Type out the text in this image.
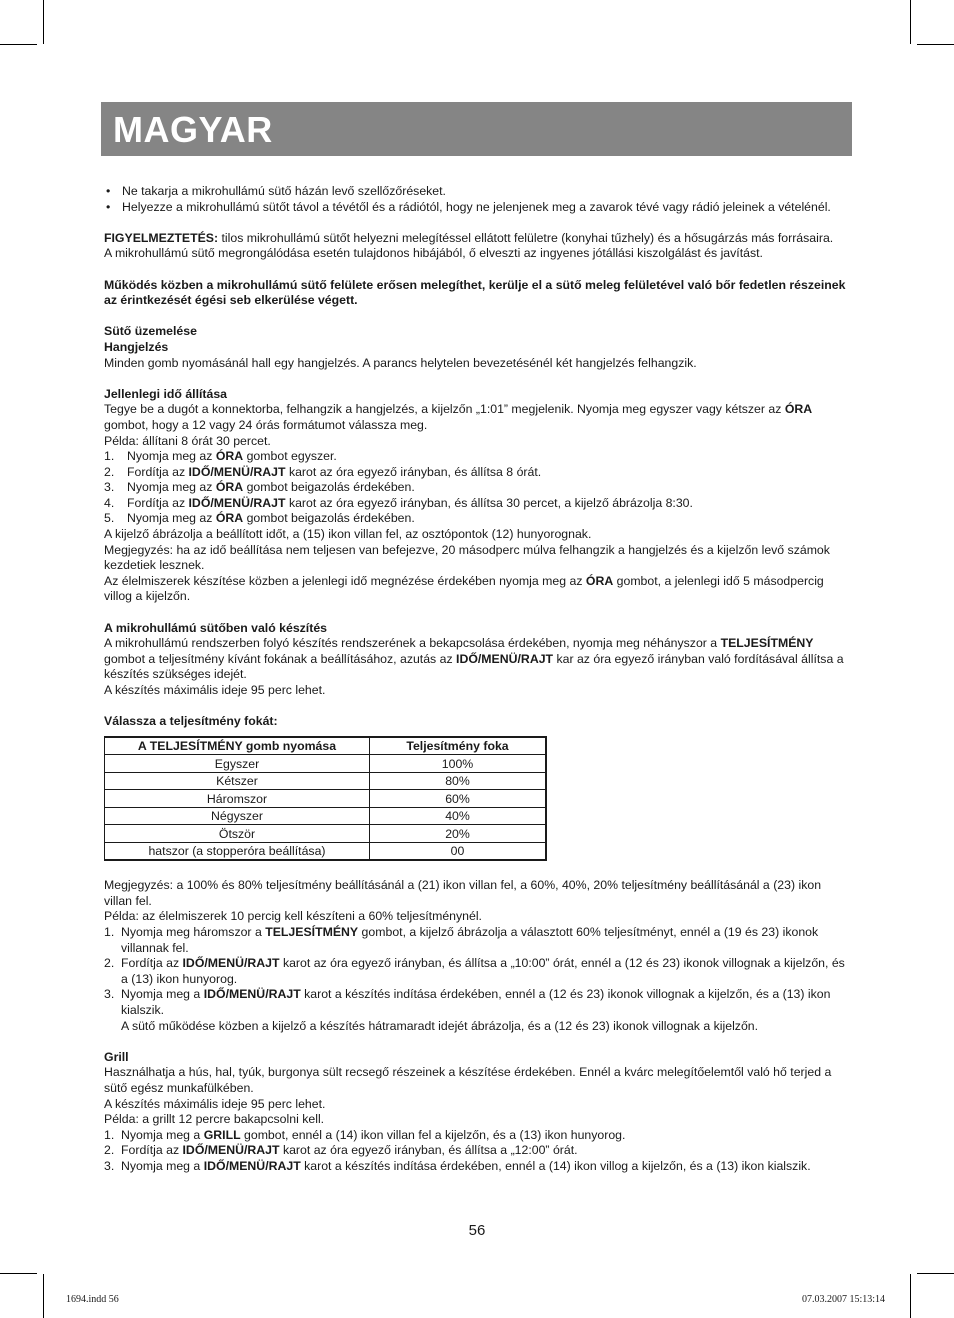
MAGYAR

• Ne takarja a mikrohullámú sütő házán levő szellőzőréseket.

• Helyezze a mikrohullámú sütőt távol a tévétől és a rádiótól, hogy ne jelenjenek meg a zavarok tévé vagy rádió jeleinek a vételénél.

FIGYELMEZTETÉS: tilos mikrohullámú sütőt helyezni melegítéssel ellátott felületre (konyhai tűzhely) és a hősugárzás más forrásaira.

A mikrohullámú sütő megrongálódása esetén tulajdonos hibájából, ő elveszti az ingyenes jótállási kiszolgálást és javítást.

Működés közben a mikrohullámú sütő felülete erősen melegíthet, kerülje el a sütő meleg felületével való bőr fedetlen részeinek az érintkezését égési seb elkerülése végett.

Sütő üzemelése

Hangjelzés

Minden gomb nyomásánál hall egy hangjelzés. A parancs helytelen bevezetésénél két hangjelzés felhangzik.

Jellenlegi idő állítása

Tegye be a dugót a konnektorba, felhangzik a hangjelzés, a kijelzőn „1:01” megjelenik. Nyomja meg egyszer vagy kétszer az ÓRA gombot, hogy a 12 vagy 24 órás formátumot válassza meg.

Példa: állítani 8 órát 30 percet.

1. Nyomja meg az ÓRA gombot egyszer.

2. Fordítja az IDŐ/MENÜ/RAJT karot az óra egyező irányban, és állítsa 8 órát.

3. Nyomja meg az ÓRA gombot beigazolás érdekében.

4. Fordítja az IDŐ/MENÜ/RAJT karot az óra egyező irányban, és állítsa 30 percet, a kijelző ábrázolja 8:30.

5. Nyomja meg az ÓRA gombot beigazolás érdekében.

A kijelző ábrázolja a beállított időt, a (15) ikon villan fel, az osztópontok (12) hunyorognak.

Megjegyzés: ha az idő beállítása nem teljesen van befejezve, 20 másodperc múlva felhangzik a hangjelzés és a kijelzőn levő számok kezdetiek lesznek.

Az élelmiszerek készítése közben a jelenlegi idő megnézése érdekében nyomja meg az ÓRA gombot, a jelenlegi idő 5 másodpercig villog a kijelzőn.

A mikrohullámú sütőben való készítés

A mikrohullámú rendszerben folyó készítés rendszerének a bekapcsolása érdekében, nyomja meg néhányszor a TELJESÍTMÉNY gombot a teljesítmény kívánt fokának a beállításához, azutás az IDŐ/MENÜ/RAJT kar az óra egyező irányban való fordításával állítsa a készítés szükséges idejét.

A készítés máximális ideje 95 perc lehet.

Válassza a teljesítmény fokát:

A TELJESÍTMÉNY gomb nyomása	Teljesítmény foka
Egyszer	100%
Kétszer	80%
Háromszor	60%
Négyszer	40%
Ötször	20%
hatszor (a stopperóra beállítása)	00

Megjegyzés: a 100% és 80% teljesítmény beállításánál a (21) ikon villan fel, a 60%, 40%, 20% teljesítmény beállításánál a (23) ikon villan fel.

Példa: az élelmiszerek 10 percig kell készíteni a 60% teljesítménynél.

1. Nyomja meg háromszor a TELJESÍTMÉNY gombot, a kijelző ábrázolja a választott 60% teljesítményt, ennél a (19 és 23) ikonok villannak fel.

2. Fordítja az IDŐ/MENÜ/RAJT karot az óra egyező irányban, és állítsa a „10:00” órát, ennél a (12 és 23) ikonok villognak a kijelzőn, és a (13) ikon hunyorog.

3. Nyomja meg a IDŐ/MENÜ/RAJT karot a készítés indítása érdekében, ennél a (12 és 23) ikonok villognak a kijelzőn, és a (13) ikon kialszik.

A sütő működése közben a kijelző a készítés hátramaradt idejét ábrázolja, és a (12 és 23) ikonok villognak a kijelzőn.

Grill

Használhatja a hús, hal, tyúk, burgonya sült recsegő részeinek a készítése érdekében. Ennél a kvárc melegítőelemtől való hő terjed a sütő egész munkafülkében.

A készítés máximális ideje 95 perc lehet.

Példa: a grillt 12 percre bakapcsolni kell.

1. Nyomja meg a GRILL gombot, ennél a (14) ikon villan fel a kijelzőn, és a (13) ikon hunyorog.

2. Fordítja az IDŐ/MENÜ/RAJT karot az óra egyező irányban, és állítsa a „12:00” órát.

3. Nyomja meg a IDŐ/MENÜ/RAJT karot a készítés indítása érdekében, ennél a (14) ikon villog a kijelzőn, és a (13) ikon kialszik.

56
1694.indd 56	07.03.2007 15:13:14
